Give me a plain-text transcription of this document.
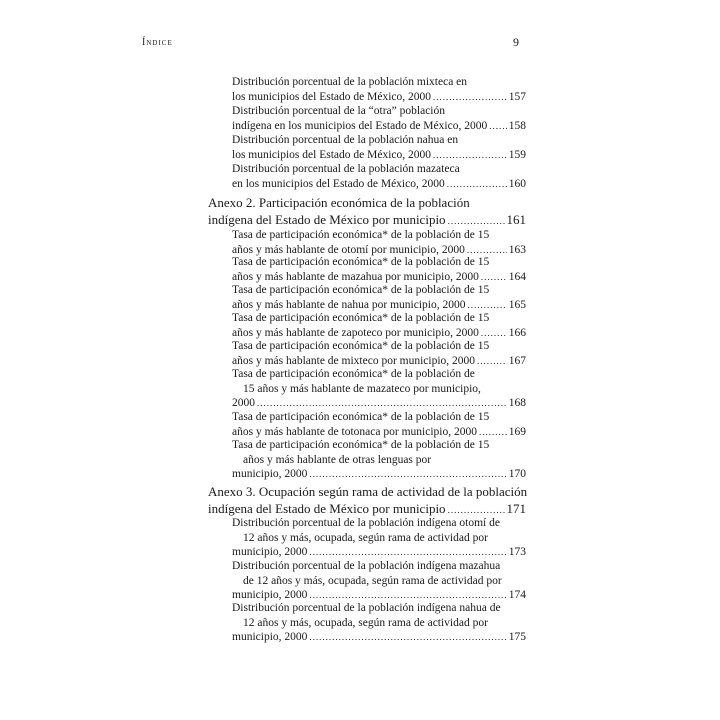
Índice	9
Distribución porcentual de la población mixteca en
los municipios del Estado de México, 2000 .....	157
Distribución porcentual de la “otra” población
indígena en los municipios del Estado de México, 2000 ..... 158
Distribución porcentual de la población nahua en
los municipios del Estado de México, 2000 .....	159
Distribución porcentual de la población mazateca
en los municipios del Estado de México, 2000 .....	160
Anexo 2. Participación económica de la población
indígena del Estado de México por municipio .....	161
Tasa de participación económica* de la población de 15
años y más hablante de otomí por municipio, 2000 .....	163
Tasa de participación económica* de la población de 15
años y más hablante de mazahua por municipio, 2000 .....	164
Tasa de participación económica* de la población de 15
años y más hablante de nahua por municipio, 2000 .....	165
Tasa de participación económica* de la población de 15
años y más hablante de zapoteco por municipio, 2000 .....	166
Tasa de participación económica* de la población de 15
años y más hablante de mixteco por municipio, 2000 .....	167
Tasa de participación económica* de la población de
15 años y más hablante de mazateco por municipio,
2000 .....	168
Tasa de participación económica* de la población de 15
años y más hablante de totonaca por municipio, 2000 .....	169
Tasa de participación económica* de la población de 15
años y más hablante de otras lenguas por
municipio, 2000 .....	170
Anexo 3. Ocupación según rama de actividad de la población
indígena del Estado de México por municipio .....	171
Distribución porcentual de la población indígena otomí de
12 años y más, ocupada, según rama de actividad por
municipio, 2000 .....	173
Distribución porcentual de la población indígena mazahua
de 12 años y más, ocupada, según rama de actividad por
municipio, 2000 .....	174
Distribución porcentual de la población indígena nahua de
12 años y más, ocupada, según rama de actividad por
municipio, 2000 .....	175
